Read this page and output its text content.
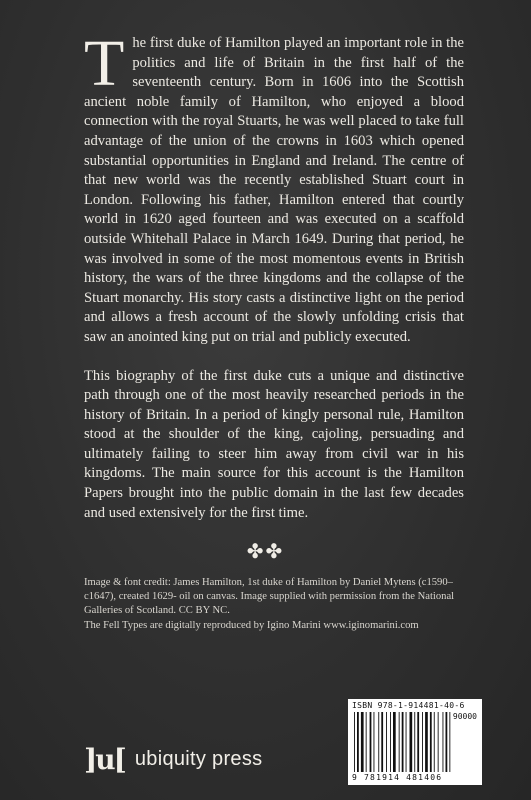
The first duke of Hamilton played an important role in the politics and life of Britain in the first half of the seventeenth century. Born in 1606 into the Scottish ancient noble family of Hamilton, who enjoyed a blood connection with the royal Stuarts, he was well placed to take full advantage of the union of the crowns in 1603 which opened substantial opportunities in England and Ireland. The centre of that new world was the recently established Stuart court in London. Following his father, Hamilton entered that courtly world in 1620 aged fourteen and was executed on a scaffold outside Whitehall Palace in March 1649. During that period, he was involved in some of the most momentous events in British history, the wars of the three kingdoms and the collapse of the Stuart monarchy. His story casts a distinctive light on the period and allows a fresh account of the slowly unfolding crisis that saw an anointed king put on trial and publicly executed.

This biography of the first duke cuts a unique and distinctive path through one of the most heavily researched periods in the history of Britain. In a period of kingly personal rule, Hamilton stood at the shoulder of the king, cajoling, persuading and ultimately failing to steer him away from civil war in his kingdoms. The main source for this account is the Hamilton Papers brought into the public domain in the last few decades and used extensively for the first time.

✤✤
Image & font credit: James Hamilton, 1st duke of Hamilton by Daniel Mytens (c1590–c1647), created 1629- oil on canvas. Image supplied with permission from the National Galleries of Scotland. CC BY NC.
The Fell Types are digitally reproduced by Igino Marini www.iginomarini.com
ISBN 978-1-914481-40-6
90000
9 781914 481406
]u[ ubiquity press
